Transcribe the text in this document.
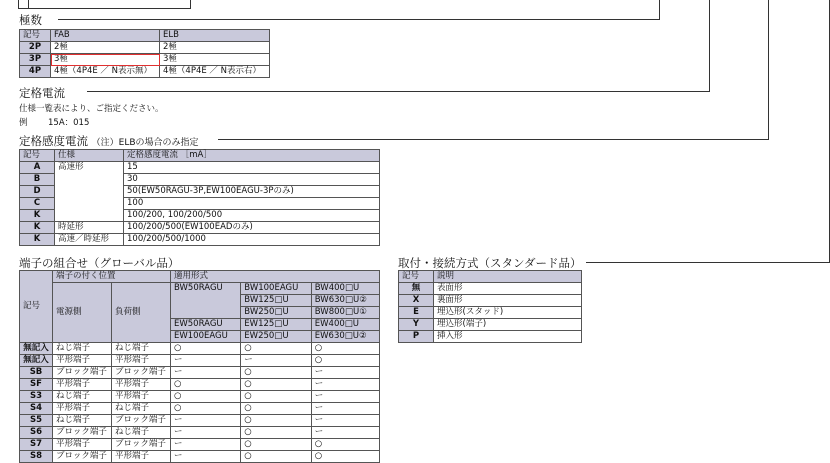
極数
記号	FAB	ELB
2P	2極	2極
3P	3極	3極
4P	4極（4P4E ／ N表示無）	4極（4P4E ／ N表示右）
定格電流
仕様一覧表により、ご指定ください。
例 15A：015
定格感度電流 （注）ELBの場合のみ指定
記号	仕様	定格感度電流 ［mA］
A	高速形	15
B		30
D		50(EW50RAGU-3P,EW100EAGU-3Pのみ)
C		100
K		100/200, 100/200/500
K	時延形	100/200/500(EW100EADのみ)
K	高速／時延形	100/200/500/1000
端子の組合せ（グローバル品）
記号	端子の付く位置		適用形式		
	電源側	負荷側	BW50RAGU	BW100EAGU	BW400□U
				BW125□U	BW630□U②
				BW250□U	BW800□U①
			EW50RAGU	EW125□U	EW400□U
			EW100EAGU	EW250□U	EW630□U②
無記入	ねじ端子	ねじ端子	○	○	○
無記入	平形端子	平形端子	ー	ー	○
SB	ブロック端子	ブロック端子	ー	○	ー
SF	平形端子	平形端子	○	○	ー
S3	ねじ端子	平形端子	○	○	ー
S4	平形端子	ねじ端子	○	○	ー
S5	ねじ端子	ブロック端子	ー	○	ー
S6	ブロック端子	ねじ端子	ー	○	ー
S7	平形端子	ブロック端子	ー	○	○
S8	ブロック端子	平形端子	ー	○	○
取付・接続方式（スタンダード品）
記号	説明
無	表面形
X	裏面形
E	埋込形(スタッド)
Y	埋込形(端子)
P	挿入形
